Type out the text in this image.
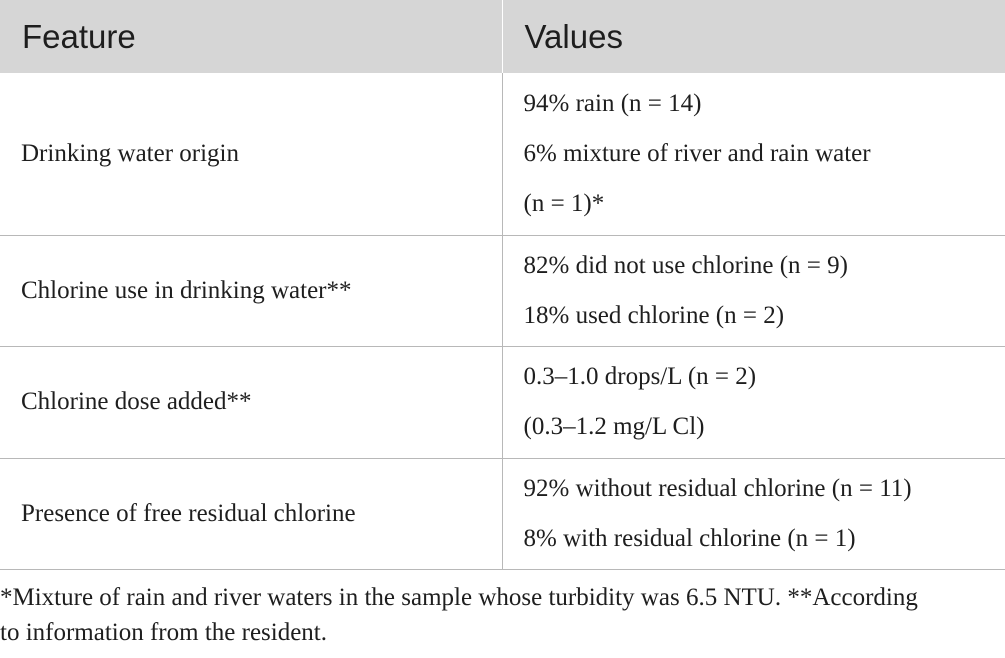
Feature	Values
Drinking water origin	94% rain (n = 14)
6% mixture of river and rain water
(n = 1)*

Chlorine use in drinking water**	82% did not use chlorine (n = 9)
18% used chlorine (n = 2)

Chlorine dose added**	0.3–1.0 drops/L (n = 2)
(0.3–1.2 mg/L Cl)

Presence of free residual chlorine	92% without residual chlorine (n = 11)
8% with residual chlorine (n = 1)
*Mixture of rain and river waters in the sample whose turbidity was 6.5 NTU. **According
to information from the resident.
